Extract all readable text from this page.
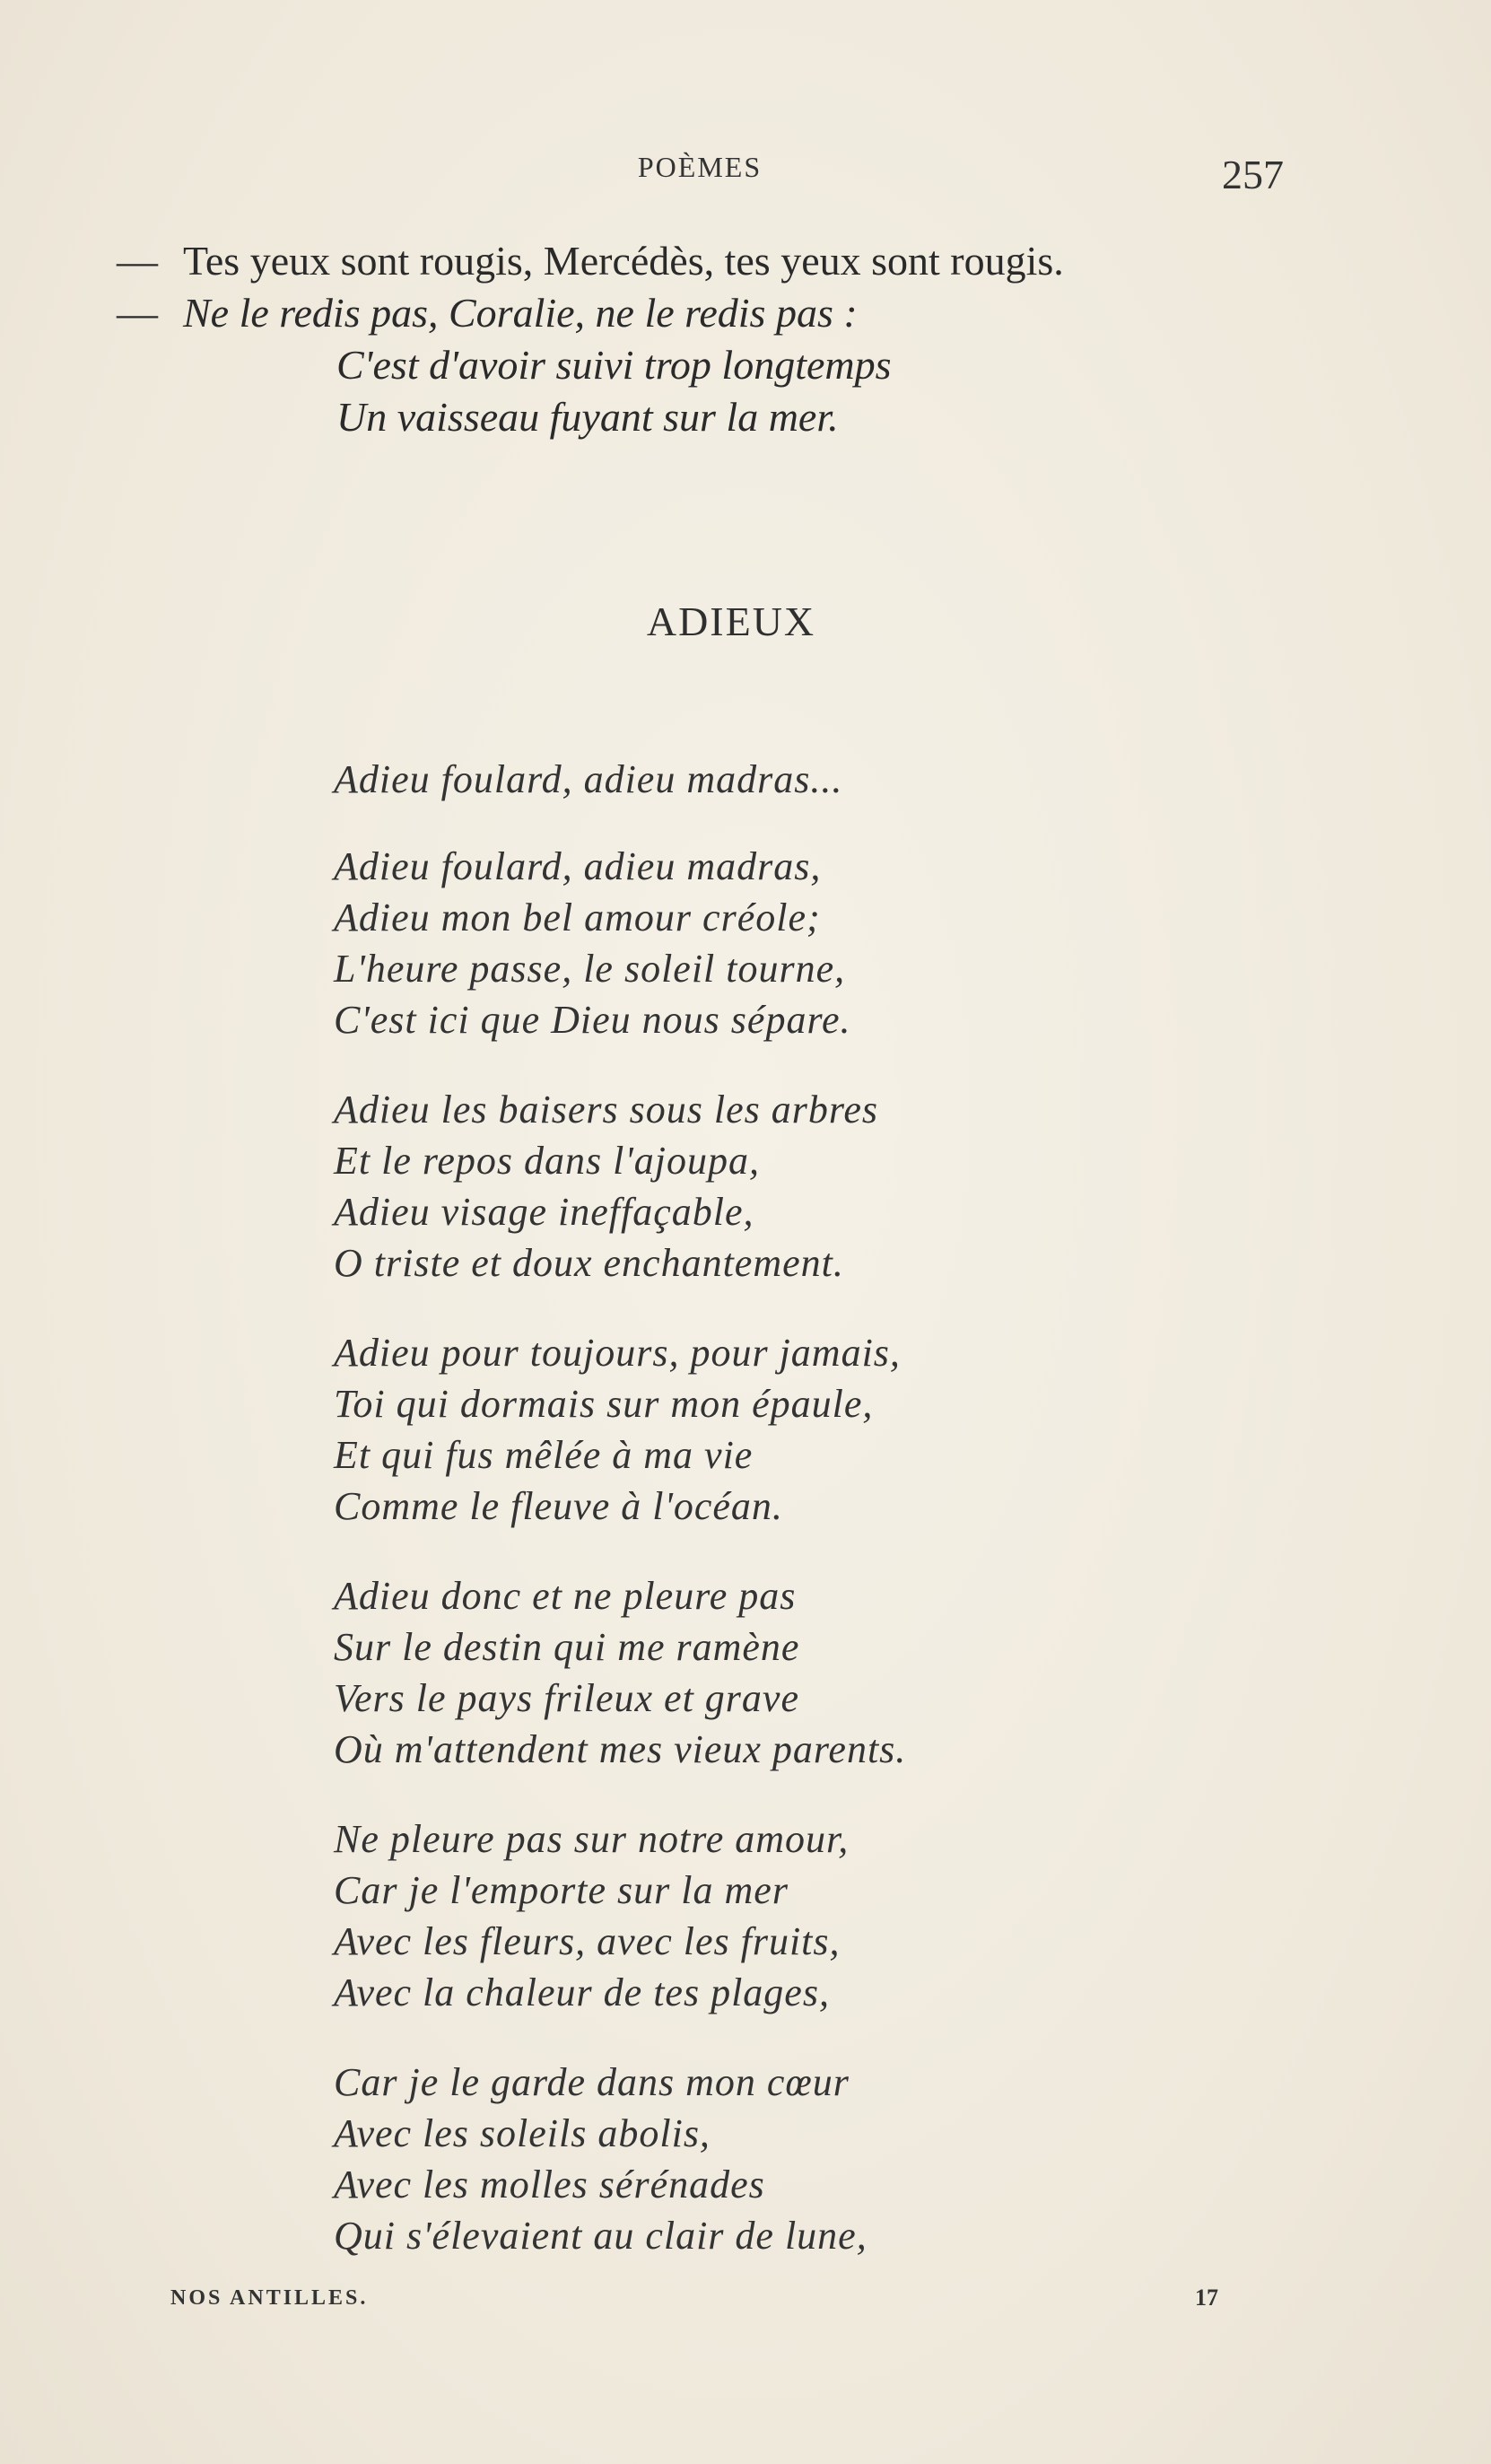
POÈMES	257
— Tes yeux sont rougis, Mercédès, tes yeux sont rougis.
— Ne le redis pas, Coralie, ne le redis pas :
C'est d'avoir suivi trop longtemps
Un vaisseau fuyant sur la mer.
ADIEUX
Adieu foulard, adieu madras...
Adieu foulard, adieu madras,
Adieu mon bel amour créole;
L'heure passe, le soleil tourne,
C'est ici que Dieu nous sépare.
Adieu les baisers sous les arbres
Et le repos dans l'ajoupa,
Adieu visage ineffaçable,
O triste et doux enchantement.
Adieu pour toujours, pour jamais,
Toi qui dormais sur mon épaule,
Et qui fus mêlée à ma vie
Comme le fleuve à l'océan.
Adieu donc et ne pleure pas
Sur le destin qui me ramène
Vers le pays frileux et grave
Où m'attendent mes vieux parents.
Ne pleure pas sur notre amour,
Car je l'emporte sur la mer
Avec les fleurs, avec les fruits,
Avec la chaleur de tes plages,
Car je le garde dans mon cœur
Avec les soleils abolis,
Avec les molles sérénades
Qui s'élevaient au clair de lune,
NOS ANTILLES.	17
